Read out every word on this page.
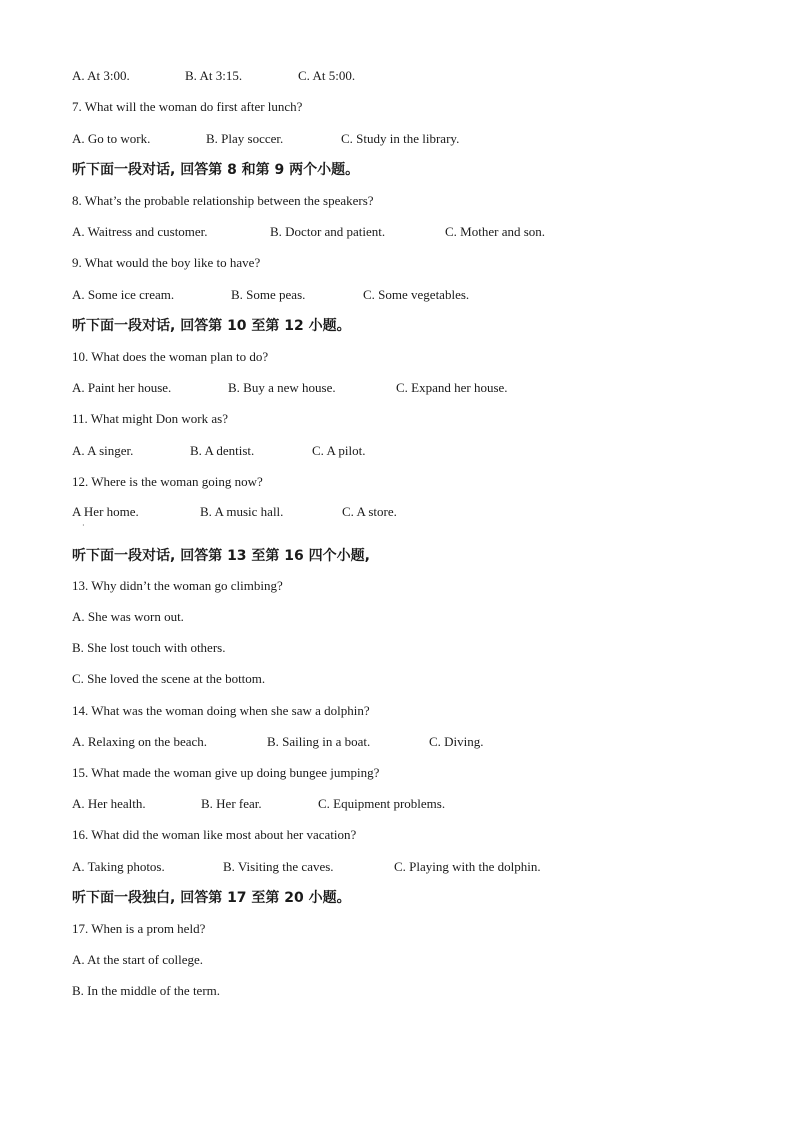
A. At 3:00.	B. At 3:15.	C. At 5:00.
7. What will the woman do first after lunch?
A. Go to work.	B. Play soccer.	C. Study in the library.
听下面一段对话, 回答第 8 和第 9 两个小题。
8. What’s the probable relationship between the speakers?
A. Waitress and customer.	B. Doctor and patient.	C. Mother and son.
9. What would the boy like to have?
A. Some ice cream.	B. Some peas.	C. Some vegetables.
听下面一段对话, 回答第 10 至第 12 小题。
10. What does the woman plan to do?
A. Paint her house.	B. Buy a new house.	C. Expand her house.
11. What might Don work as?
A. A singer.	B. A dentist.	C. A pilot.
12. Where is the woman going now?
A Her home.	B. A music hall.	C. A store.
·
听下面一段对话, 回答第 13 至第 16 四个小题,
13. Why didn’t the woman go climbing?
A. She was worn out.
B. She lost touch with others.
C. She loved the scene at the bottom.
14. What was the woman doing when she saw a dolphin?
A. Relaxing on the beach.	B. Sailing in a boat.	C. Diving.
15. What made the woman give up doing bungee jumping?
A. Her health.	B. Her fear.	C. Equipment problems.
16. What did the woman like most about her vacation?
A. Taking photos.	B. Visiting the caves.	C. Playing with the dolphin.
听下面一段独白, 回答第 17 至第 20 小题。
17. When is a prom held?
A. At the start of college.
B. In the middle of the term.
